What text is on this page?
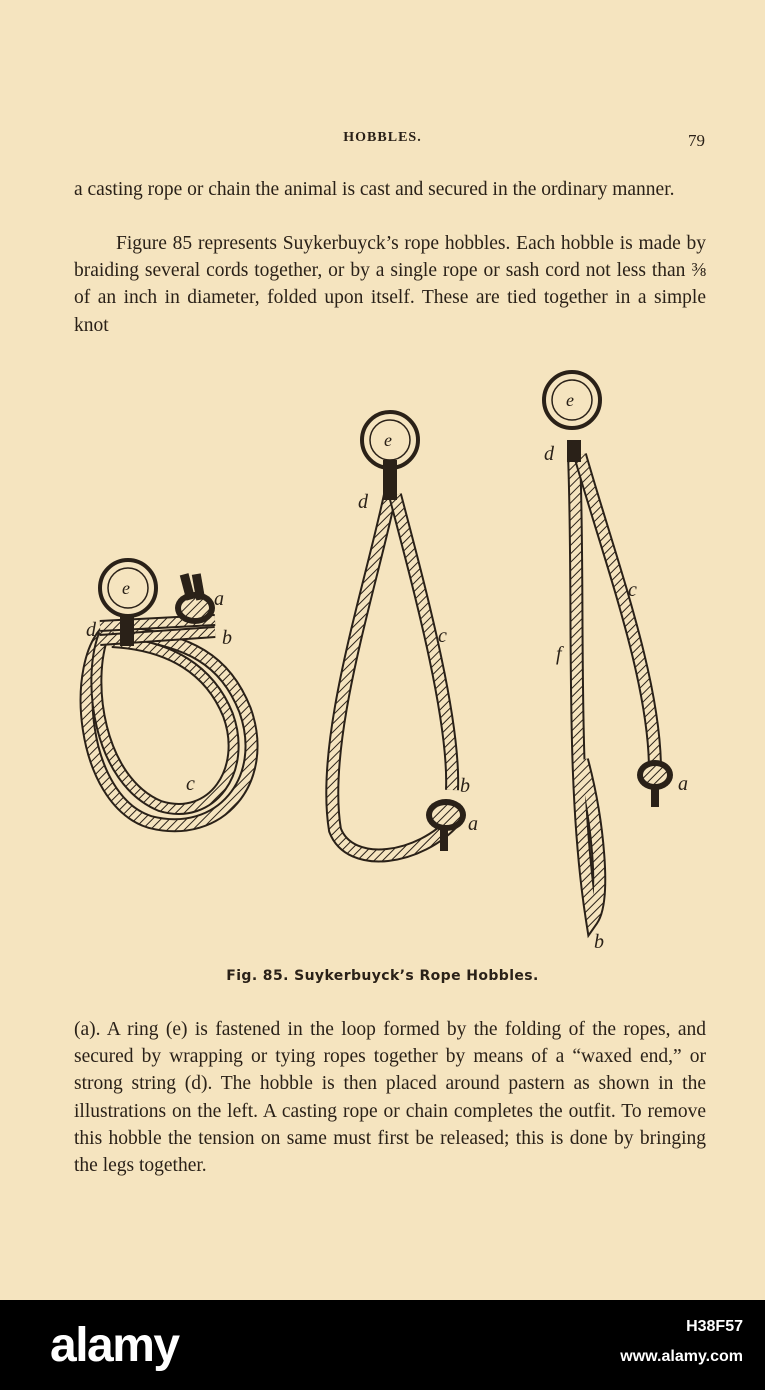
HOBBLES.	79

a casting rope or chain the animal is cast and secured in the ordinary manner.

Figure 85 represents Suykerbuyck’s rope hobbles. Each hobble is made by braiding several cords together, or by a single rope or sash cord not less than ⅜ of an inch in diameter, folded upon itself. These are tied together in a simple knot

e	a
b
d
c
e
d
c
b
a
e
d
c
f
a
b
Fig. 85. Suykerbuyck’s Rope Hobbles.

(a). A ring (e) is fastened in the loop formed by the folding of the ropes, and secured by wrapping or tying ropes together by means of a “waxed end,” or strong string (d). The hobble is then placed around pastern as shown in the illustrations on the left. A casting rope or chain completes the outfit. To remove this hobble the tension on same must first be released; this is done by bringing the legs together.

alamy	H38F57
www.alamy.com
